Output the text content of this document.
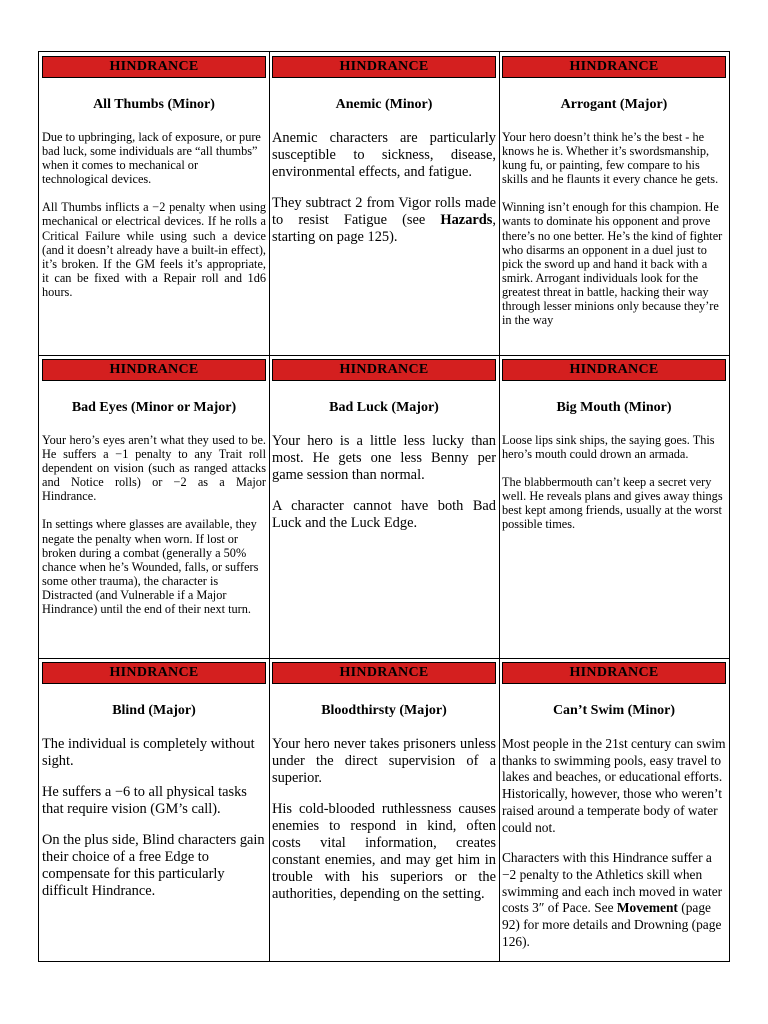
HINDRANCE
All Thumbs (Minor)

Due to upbringing, lack of exposure, or pure bad luck, some individuals are “all thumbs” when it comes to mechanical or technological devices.

All Thumbs inflicts a −2 penalty when using mechanical or electrical devices. If he rolls a Critical Failure while using such a device (and it doesn’t already have a built-in effect), it’s broken. If the GM feels it’s appropriate, it can be fixed with a Repair roll and 1d6 hours.

HINDRANCE
Anemic (Minor)

Anemic characters are particularly susceptible to sickness, disease, environmental effects, and fatigue.

They subtract 2 from Vigor rolls made to resist Fatigue (see Hazards, starting on page 125).

HINDRANCE
Arrogant (Major)

Your hero doesn’t think he’s the best - he knows he is. Whether it’s swordsmanship, kung fu, or painting, few compare to his skills and he flaunts it every chance he gets.

Winning isn’t enough for this champion. He wants to dominate his opponent and prove there’s no one better. He’s the kind of fighter who disarms an opponent in a duel just to pick the sword up and hand it back with a smirk. Arrogant individuals look for the greatest threat in battle, hacking their way through lesser minions only because they’re in the way

HINDRANCE
Bad Eyes (Minor or Major)

Your hero’s eyes aren’t what they used to be. He suffers a −1 penalty to any Trait roll dependent on vision (such as ranged attacks and Notice rolls) or −2 as a Major Hindrance.

In settings where glasses are available, they negate the penalty when worn. If lost or broken during a combat (generally a 50% chance when he’s Wounded, falls, or suffers some other trauma), the character is Distracted (and Vulnerable if a Major Hindrance) until the end of their next turn.

HINDRANCE
Bad Luck (Major)

Your hero is a little less lucky than most. He gets one less Benny per game session than normal.

A character cannot have both Bad Luck and the Luck Edge.

HINDRANCE
Big Mouth (Minor)

Loose lips sink ships, the saying goes. This hero’s mouth could drown an armada.

The blabbermouth can’t keep a secret very well. He reveals plans and gives away things best kept among friends, usually at the worst possible times.

HINDRANCE
Blind (Major)

The individual is completely without sight.

He suffers a −6 to all physical tasks that require vision (GM’s call).

On the plus side, Blind characters gain their choice of a free Edge to compensate for this particularly difficult Hindrance.

HINDRANCE
Bloodthirsty (Major)

Your hero never takes prisoners unless under the direct supervision of a superior.

His cold-blooded ruthlessness causes enemies to respond in kind, often costs vital information, creates constant enemies, and may get him in trouble with his superiors or the authorities, depending on the setting.

HINDRANCE
Can’t Swim (Minor)

Most people in the 21st century can swim thanks to swimming pools, easy travel to lakes and beaches, or educational efforts. Historically, however, those who weren’t raised around a temperate body of water could not.

Characters with this Hindrance suffer a −2 penalty to the Athletics skill when swimming and each inch moved in water costs 3″ of Pace. See Movement (page 92) for more details and Drowning (page 126).
